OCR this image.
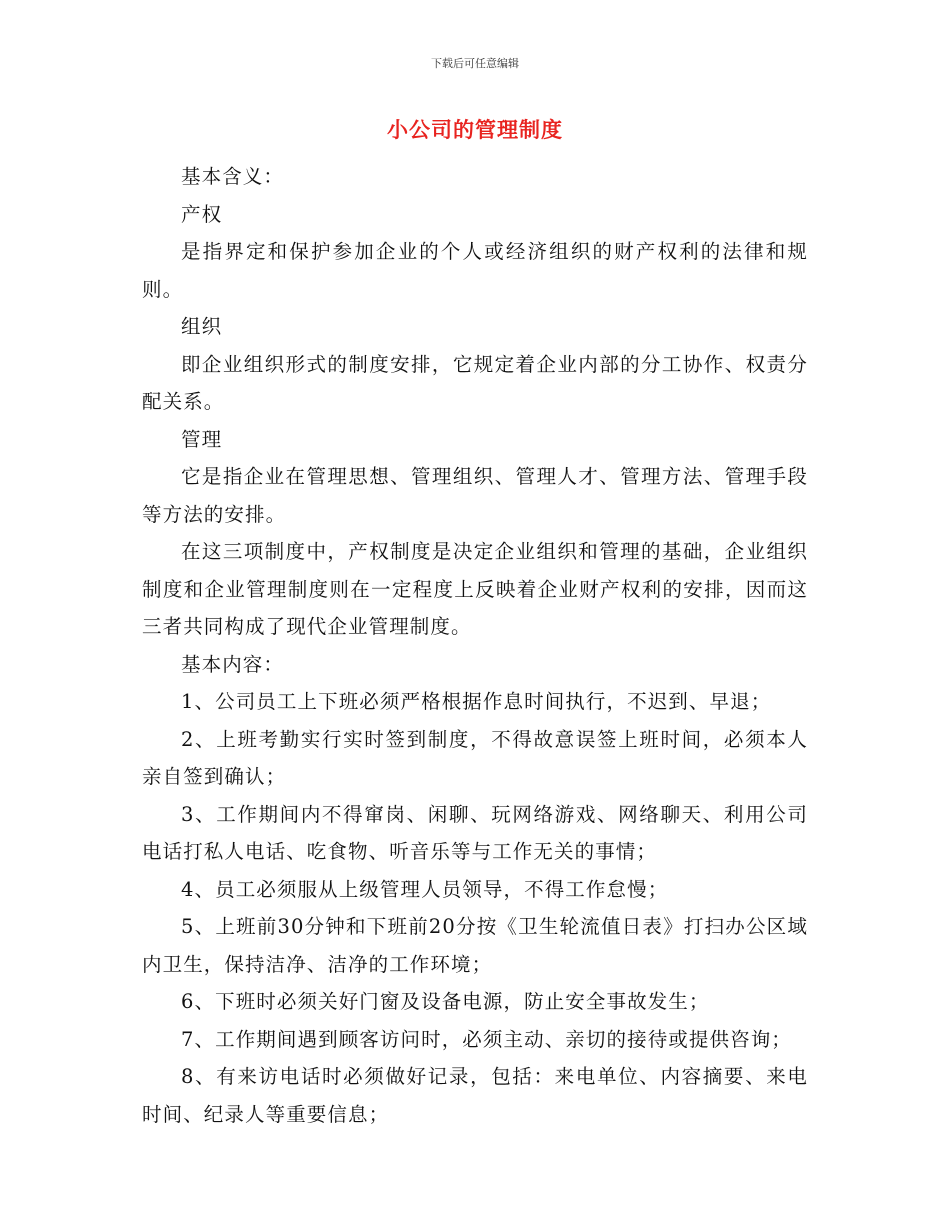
下载后可任意编辑
小公司的管理制度

基本含义：

产权

是指界定和保护参加企业的个人或经济组织的财产权利的法律和规则。

组织

即企业组织形式的制度安排，它规定着企业内部的分工协作、权责分配关系。

管理

它是指企业在管理思想、管理组织、管理人才、管理方法、管理手段等方法的安排。

在这三项制度中，产权制度是决定企业组织和管理的基础，企业组织制度和企业管理制度则在一定程度上反映着企业财产权利的安排，因而这三者共同构成了现代企业管理制度。

基本内容：

1、公司员工上下班必须严格根据作息时间执行，不迟到、早退；

2、上班考勤实行实时签到制度，不得故意误签上班时间，必须本人亲自签到确认；

3、工作期间内不得窜岗、闲聊、玩网络游戏、网络聊天、利用公司电话打私人电话、吃食物、听音乐等与工作无关的事情；

4、员工必须服从上级管理人员领导，不得工作怠慢；

5、上班前30分钟和下班前20分按《卫生轮流值日表》打扫办公区域内卫生，保持洁净、洁净的工作环境；

6、下班时必须关好门窗及设备电源，防止安全事故发生；

7、工作期间遇到顾客访问时，必须主动、亲切的接待或提供咨询；

8、有来访电话时必须做好记录，包括：来电单位、内容摘要、来电时间、纪录人等重要信息；
